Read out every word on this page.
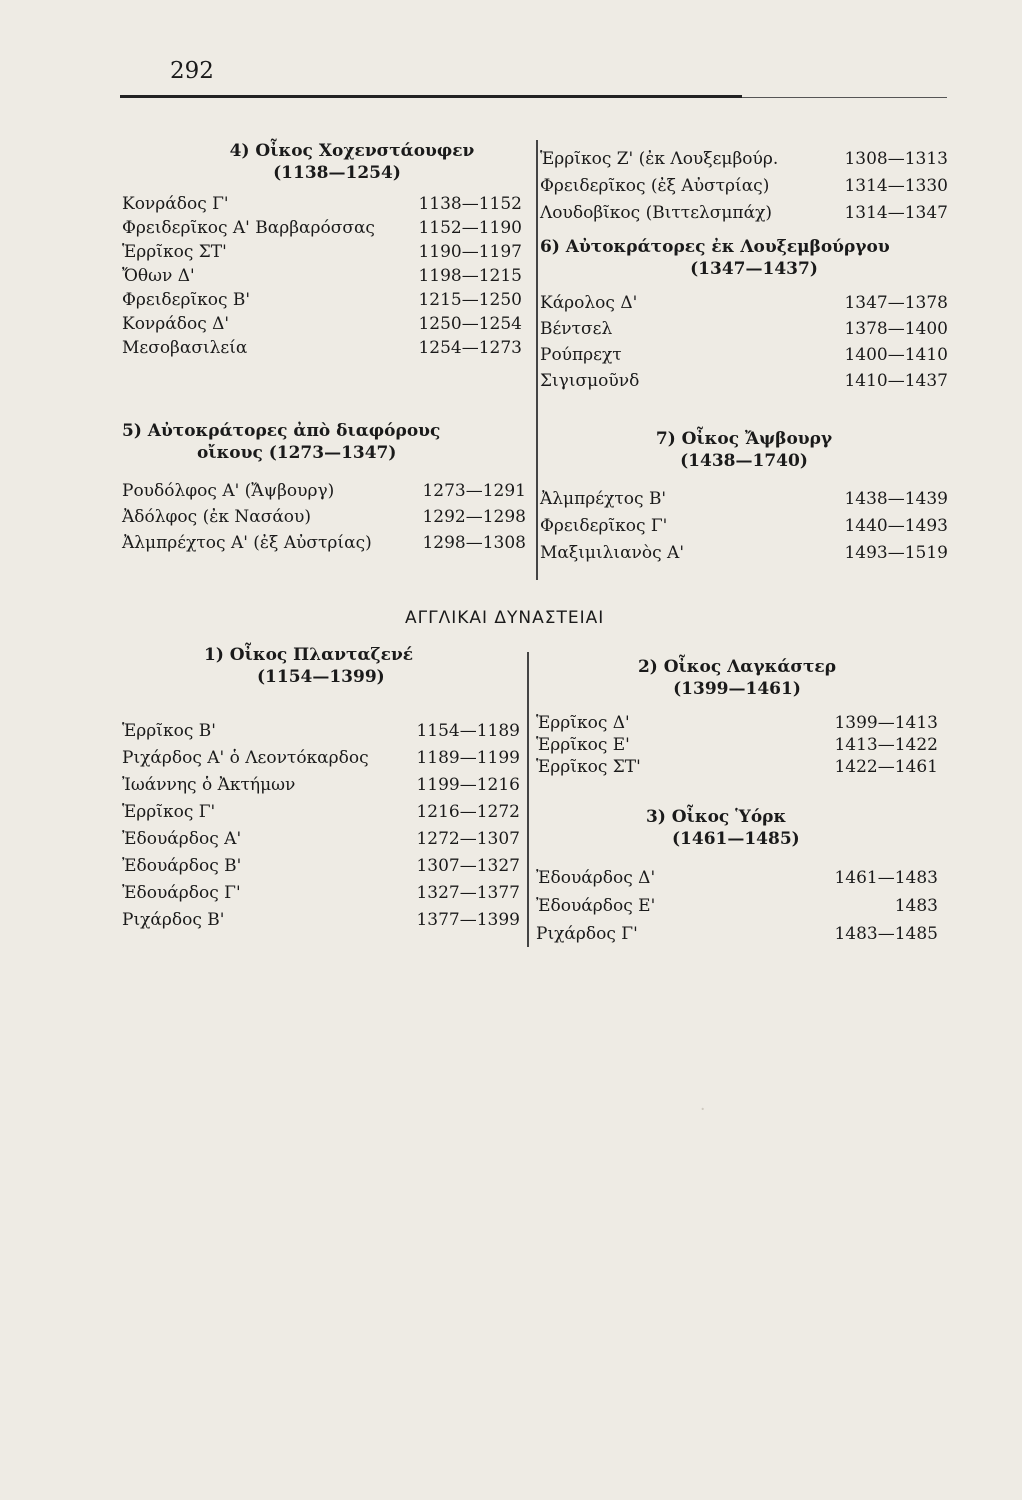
292
·
4) Οἶκος Χοχενστάουφεν
(1138—1254)
Κονράδος Γ'	1138—1152
Φρειδερῖκος Α' Βαρβαρόσσας	1152—1190
Ἑρρῖκος ΣΤ'	1190—1197
Ὄθων Δ'	1198—1215
Φρειδερῖκος Β'	1215—1250
Κονράδος Δ'	1250—1254
Μεσοβασιλεία	1254—1273
5) Αὐτοκράτορες ἀπὸ διαφόρους
οἴκους (1273—1347)
Ρουδόλφος Α' (Ἄψβουργ)	1273—1291
Ἀδόλφος (ἐκ Νασάου)	1292—1298
Ἀλμπρέχτος Α' (ἐξ Αὐστρίας)	1298—1308
Ἑρρῖκος Ζ' (ἐκ Λουξεμβούρ.	1308—1313
Φρειδερῖκος (ἐξ Αὐστρίας)	1314—1330
Λουδοβῖκος (Βιττελσμπάχ)	1314—1347
6) Αὐτοκράτορες ἐκ Λουξεμβούργου
(1347—1437)
Κάρολος Δ'	1347—1378
Βέντσελ	1378—1400
Ρούπρεχτ	1400—1410
Σιγισμοῦνδ	1410—1437
7) Οἶκος Ἄψβουργ
(1438—1740)
Ἀλμπρέχτος Β'	1438—1439
Φρειδερῖκος Γ'	1440—1493
Μαξιμιλιανὸς Α'	1493—1519
ΑΓΓΛΙΚΑΙ ΔΥΝΑΣΤΕΙΑΙ
1) Οἶκος Πλανταζενέ
(1154—1399)
Ἑρρῖκος Β'	1154—1189
Ριχάρδος Α' ὁ Λεοντόκαρδος	1189—1199
Ἰωάννης ὁ Ἀκτήμων	1199—1216
Ἑρρῖκος Γ'	1216—1272
Ἐδουάρδος Α'	1272—1307
Ἐδουάρδος Β'	1307—1327
Ἐδουάρδος Γ'	1327—1377
Ριχάρδος Β'	1377—1399
2) Οἶκος Λαγκάστερ
(1399—1461)
Ἑρρῖκος Δ'	1399—1413
Ἑρρῖκος Ε'	1413—1422
Ἑρρῖκος ΣΤ'	1422—1461
3) Οἶκος Ὑόρκ
(1461—1485)
Ἐδουάρδος Δ'	1461—1483
Ἐδουάρδος Ε'	1483
Ριχάρδος Γ'	1483—1485
